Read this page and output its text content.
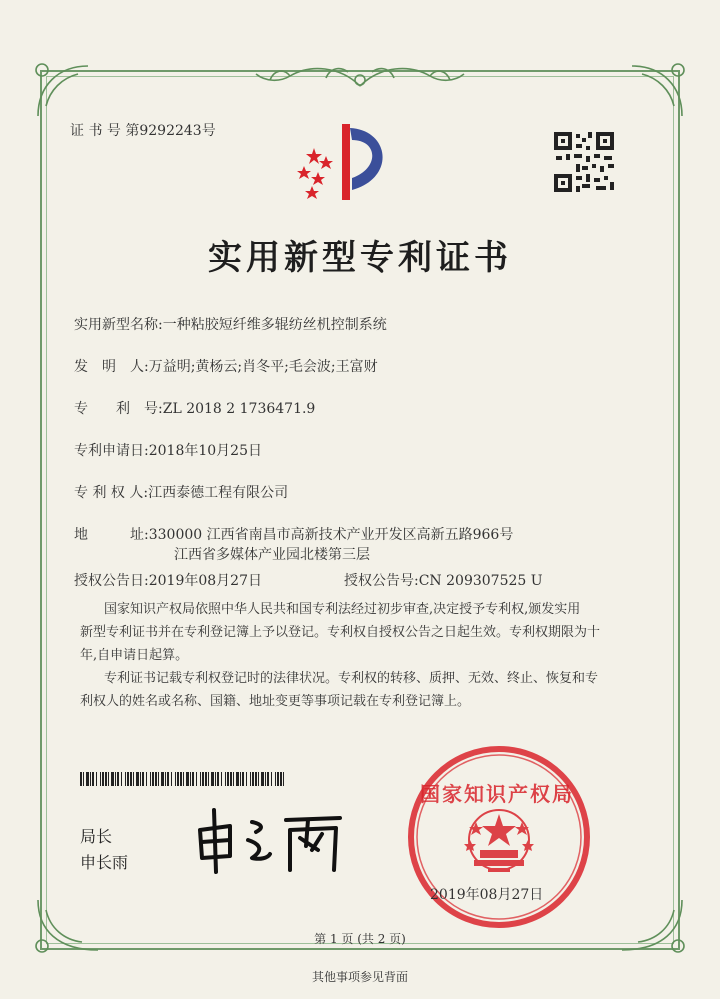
证 书 号 第9292243号
实用新型专利证书
实用新型名称:一种粘胶短纤维多辊纺丝机控制系统
发　明　人:万益明;黄杨云;肖冬平;毛会波;王富财
专　　利　号:ZL 2018 2 1736471.9
专利申请日:2018年10月25日
专 利 权 人:江西泰德工程有限公司
地　　　址:330000 江西省南昌市高新技术产业开发区高新五路966号
江西省多媒体产业园北楼第三层
授权公告日:2019年08月27日	授权公告号:CN 209307525 U
国家知识产权局依照中华人民共和国专利法经过初步审查,决定授予专利权,颁发实用
新型专利证书并在专利登记簿上予以登记。专利权自授权公告之日起生效。专利权期限为十
年,自申请日起算。
专利证书记载专利权登记时的法律状况。专利权的转移、质押、无效、终止、恢复和专
利权人的姓名或名称、国籍、地址变更等事项记载在专利登记簿上。
局长
申长雨
国家知识产权局
2019年08月27日
第 1 页 (共 2 页)
其他事项参见背面
